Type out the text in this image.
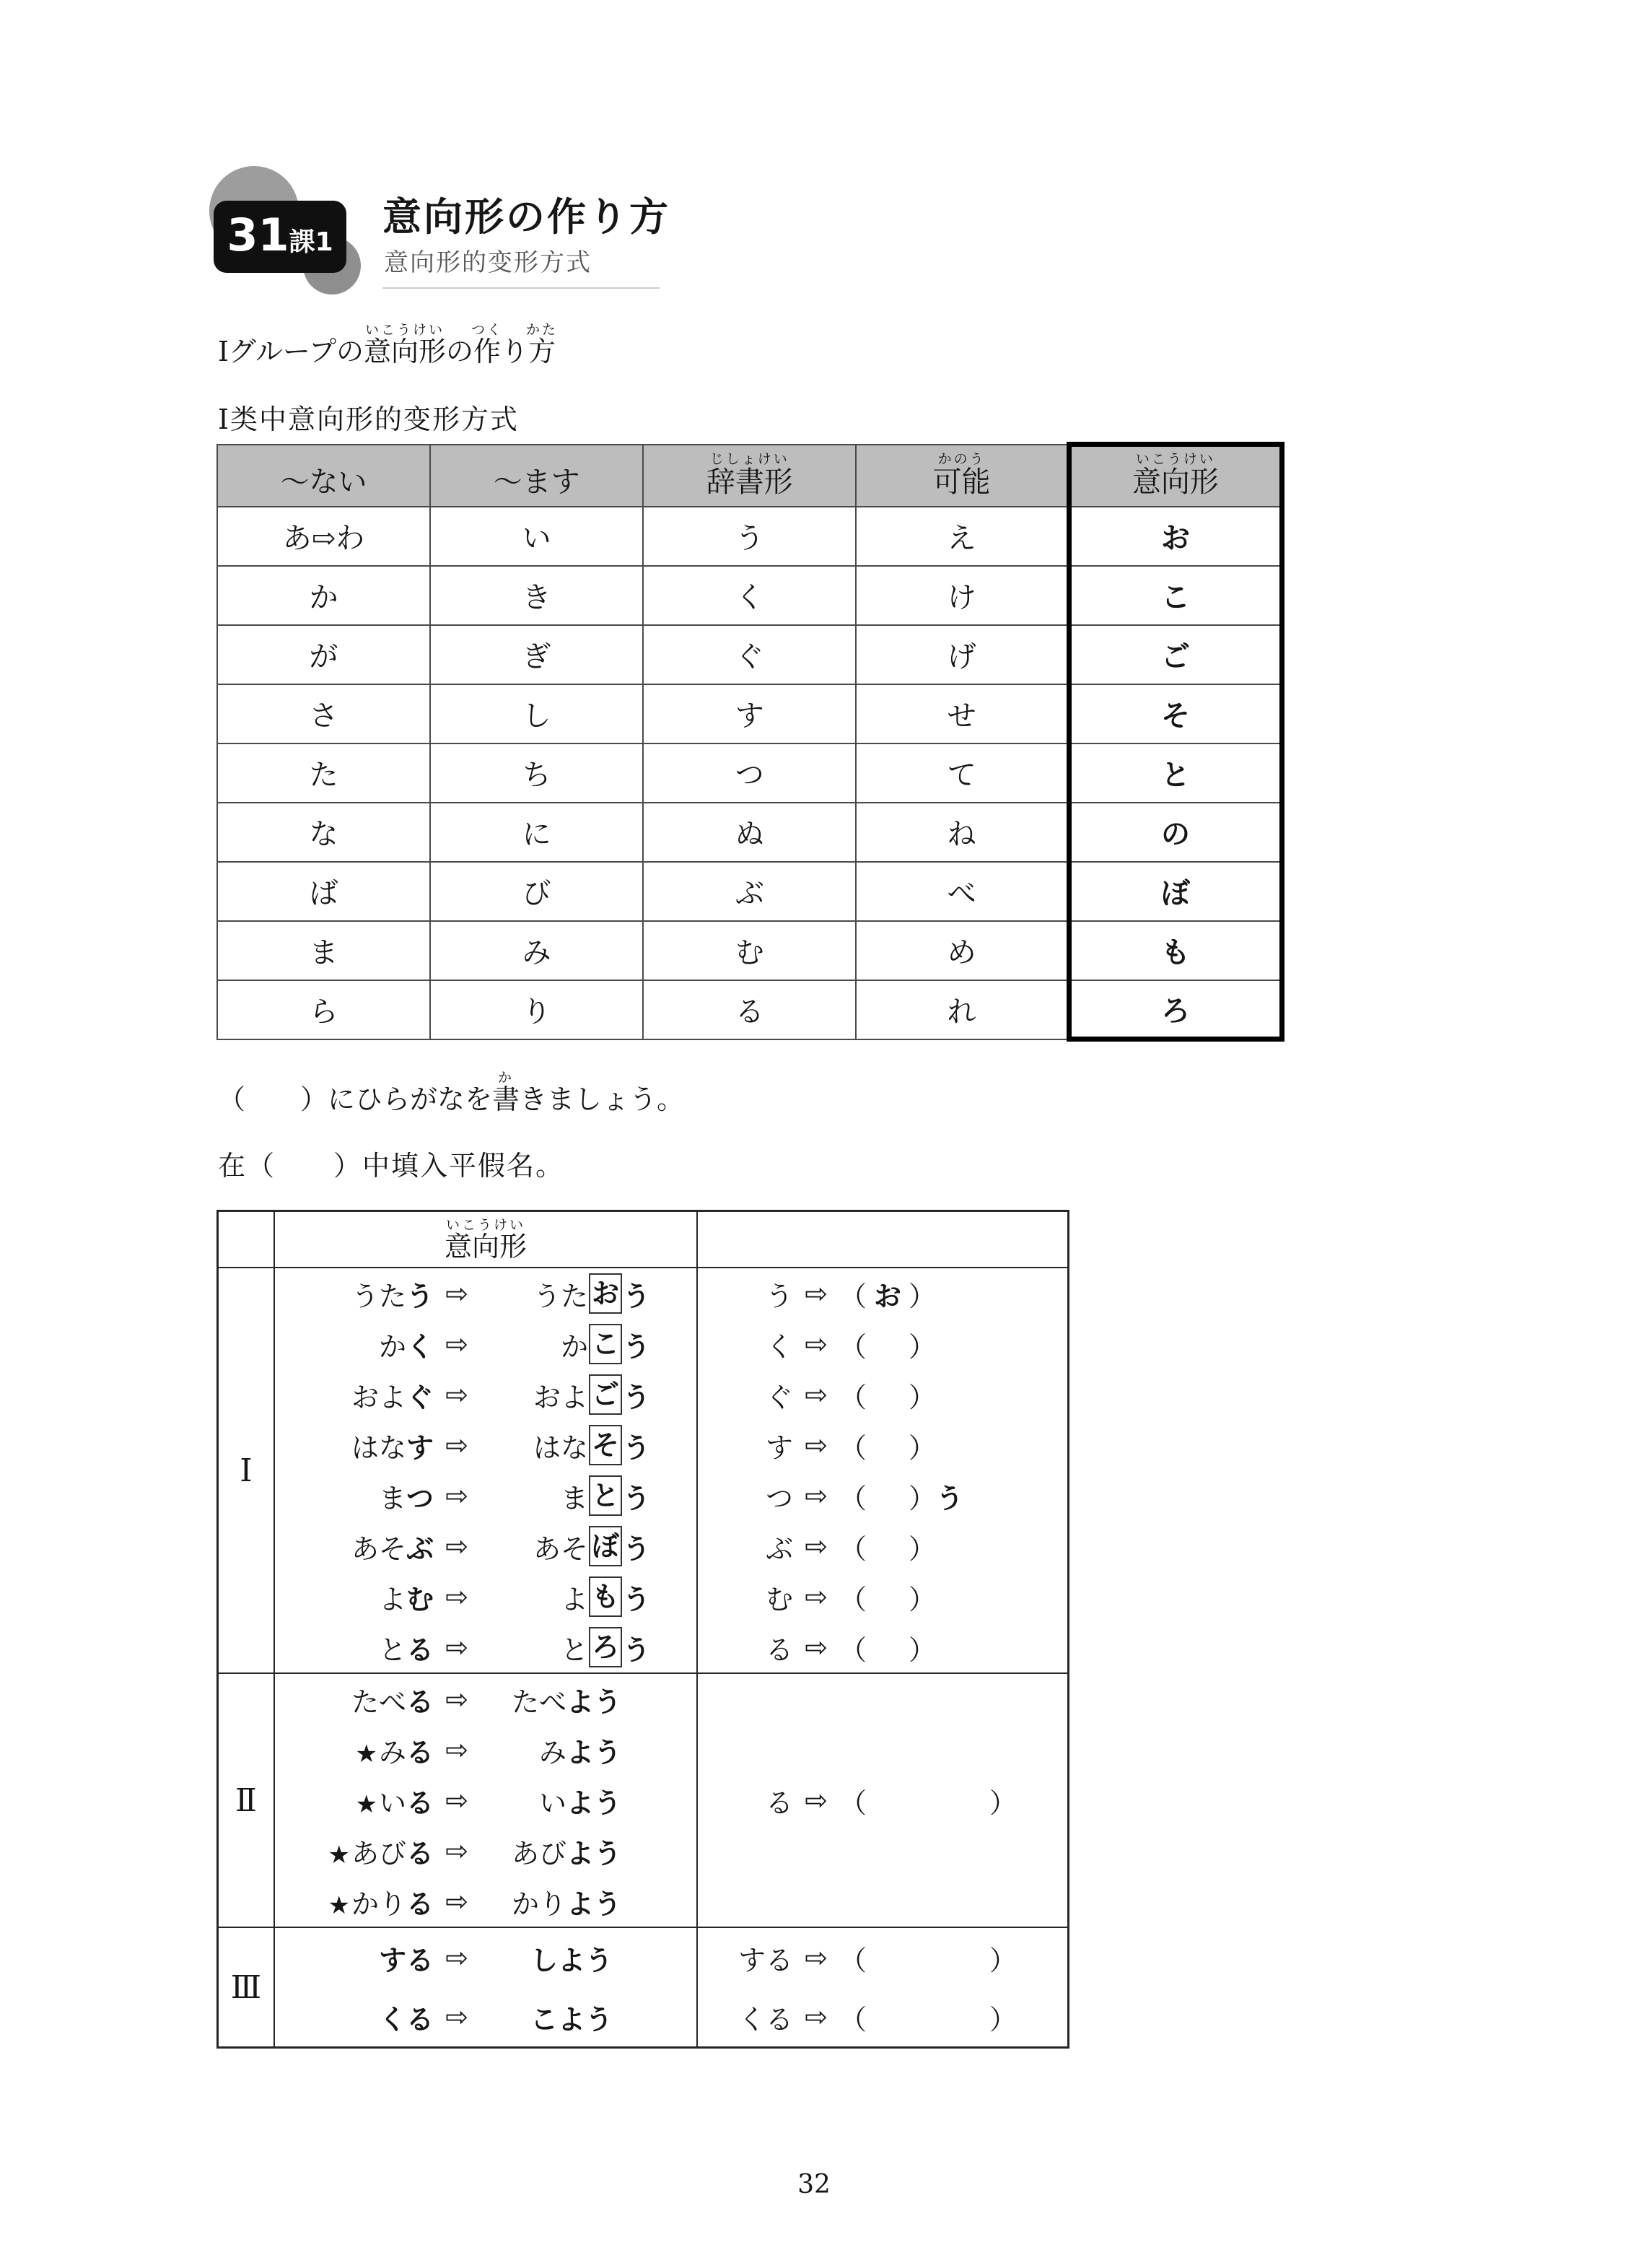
31課1
意向形の作り方
意向形的变形方式
Ⅰグループの意向形いこうけいの作つくり方かた
Ⅰ类中意向形的变形方式
～ない	～ます	辞書形じしょけい	可能かのう	意向形いこうけい
あ⇨わ	い	う	え	お
か	き	く	け	こ
が	ぎ	ぐ	げ	ご
さ	し	す	せ	そ
た	ち	つ	て	と
な	に	ぬ	ね	の
ば	び	ぶ	べ	ぼ
ま	み	む	め	も
ら	り	る	れ	ろ
（　　）にひらがなを書かきましょう。
在（　　）中填入平假名。
意向形いこうけい
Ⅰ
うたう ⇨	うた お う	う ⇨ （ お ）
かく ⇨	か こ う	く ⇨ （ ）
およぐ ⇨	およ ご う	ぐ ⇨ （ ）
はなす ⇨	はな そ う	す ⇨ （ ）
まつ ⇨	ま と う	つ ⇨ （ ） う
あそぶ ⇨	あそ ぼ う	ぶ ⇨ （ ）
よむ ⇨	よ も う	む ⇨ （ ）
とる ⇨	と ろ う	る ⇨ （ ）
Ⅱ
たべる ⇨	たべ よう
★みる ⇨	み よう
★いる ⇨	い よう	る ⇨ （	）
★あびる ⇨	あび よう
★かりる ⇨	かり よう
Ⅲ
する ⇨	しよう	する ⇨ （	）
くる ⇨	こよう	くる ⇨ （	）
32
